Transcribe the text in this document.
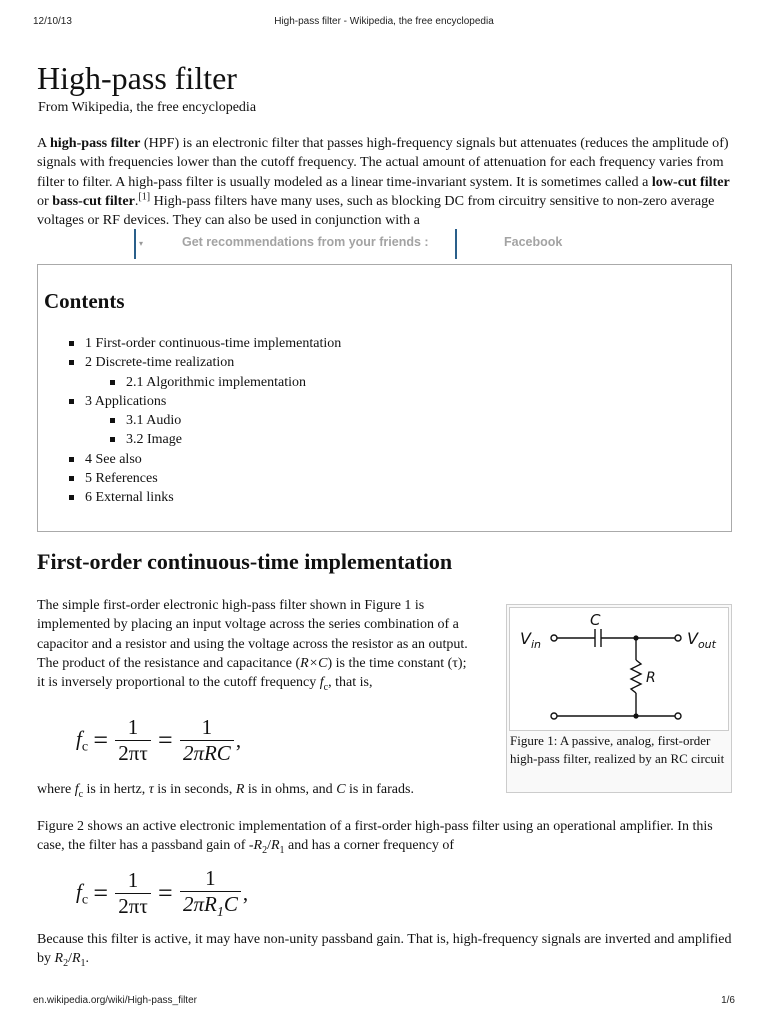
12/10/13	High-pass filter - Wikipedia, the free encyclopedia
High-pass filter
From Wikipedia, the free encyclopedia

A high-pass filter (HPF) is an electronic filter that passes high-frequency signals but attenuates (reduces the amplitude of) signals with frequencies lower than the cutoff frequency. The actual amount of attenuation for each frequency varies from filter to filter. A high-pass filter is usually modeled as a linear time-invariant system. It is sometimes called a low-cut filter or bass-cut filter.[1] High-pass filters have many uses, such as blocking DC from circuitry sensitive to non-zero average voltages or RF devices. They can also be used in conjunction with a

▾	Get recommendations from your friends :	Facebook
Contents
1 First-order continuous-time implementation
2 Discrete-time realization
2.1 Algorithmic implementation
3 Applications
3.1 Audio
3.2 Image
4 See also
5 References
6 External links
First-order continuous-time implementation

The simple first-order electronic high-pass filter shown in Figure 1 is implemented by placing an input voltage across the series combination of a capacitor and a resistor and using the voltage across the resistor as an output. The product of the resistance and capacitance (R×C) is the time constant (τ); it is inversely proportional to the cutoff frequency $f_c$, that is,

$f_c = \frac{1}{2\pi\tau} = \frac{1}{\text{2πRC}}$ ,

where $f_c$ is in hertz, τ is in seconds, R is in ohms, and C is in farads.

Figure 2 shows an active electronic implementation of a first-order high-pass filter using an operational amplifier. In this case, the filter has a passband gain of $-R_2/R_1$ and has a corner frequency of

$f_c = \frac{1}{2\pi\tau} = \frac{1}{2\pi R_1C}$ ,

Because this filter is active, it may have non-unity passband gain. That is, high-frequency signals are inverted and amplified by $R_2/R_1$.

C
R
$V_{in}$	$V_{out}$
Figure 1: A passive, analog, first-order high-pass filter, realized by an RC circuit
en.wikipedia.org/wiki/High-pass_filter	1/6
